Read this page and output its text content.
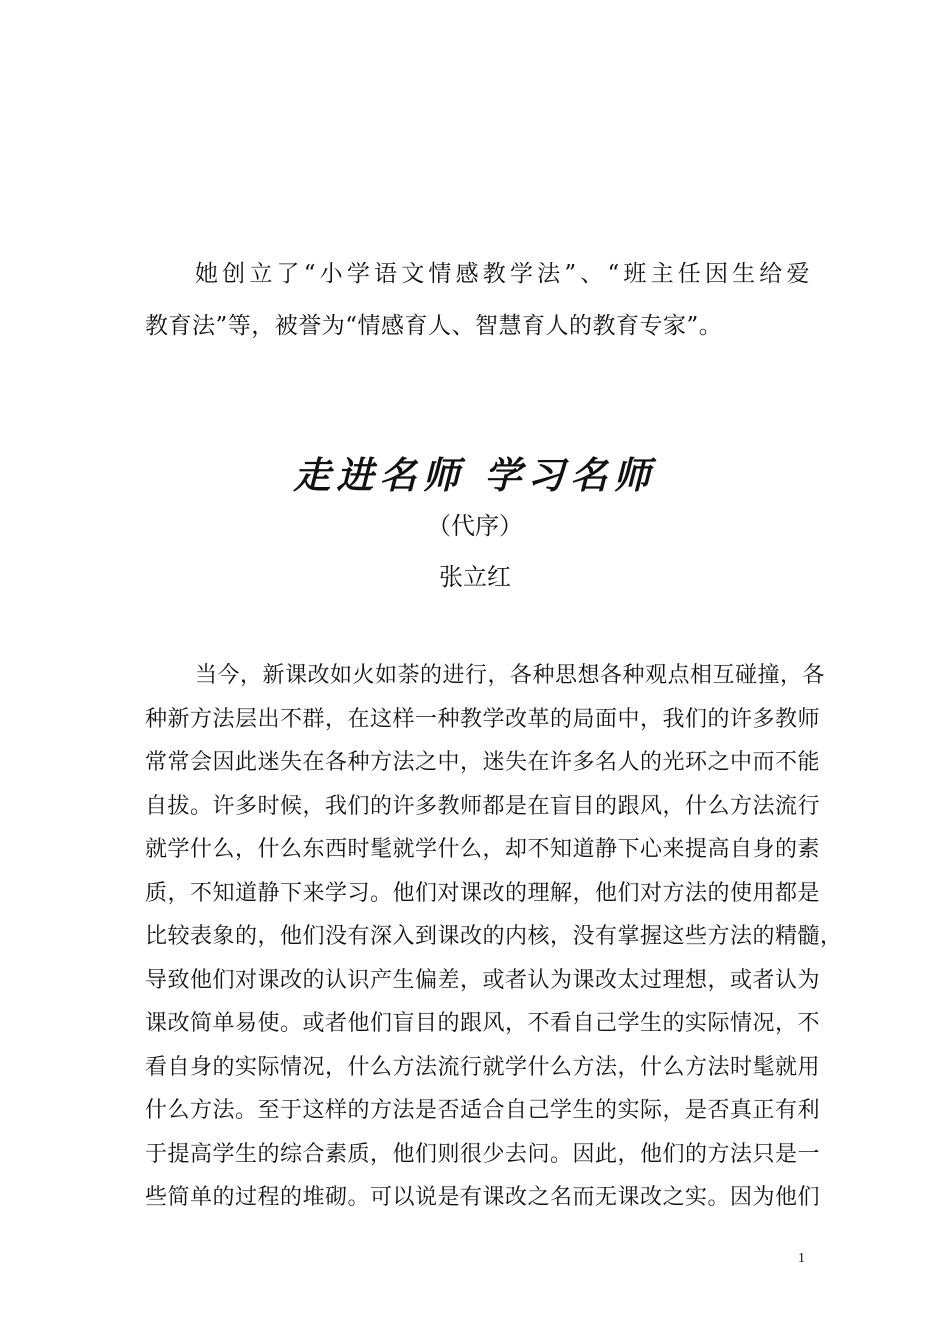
她创立了“小学语文情感教学法”、“班主任因生给爱
教育法”等，被誉为“情感育人、智慧育人的教育专家”。
走进名师 学习名师
（代序）
张立红
当今，新课改如火如荼的进行，各种思想各种观点相互碰撞，各
种新方法层出不群，在这样一种教学改革的局面中，我们的许多教师
常常会因此迷失在各种方法之中，迷失在许多名人的光环之中而不能
自拔。许多时候，我们的许多教师都是在盲目的跟风，什么方法流行
就学什么，什么东西时髦就学什么，却不知道静下心来提高自身的素
质，不知道静下来学习。他们对课改的理解，他们对方法的使用都是
比较表象的，他们没有深入到课改的内核，没有掌握这些方法的精髓，
导致他们对课改的认识产生偏差，或者认为课改太过理想，或者认为
课改简单易使。或者他们盲目的跟风，不看自己学生的实际情况，不
看自身的实际情况，什么方法流行就学什么方法，什么方法时髦就用
什么方法。至于这样的方法是否适合自己学生的实际，是否真正有利
于提高学生的综合素质，他们则很少去问。因此，他们的方法只是一
些简单的过程的堆砌。可以说是有课改之名而无课改之实。因为他们
1
